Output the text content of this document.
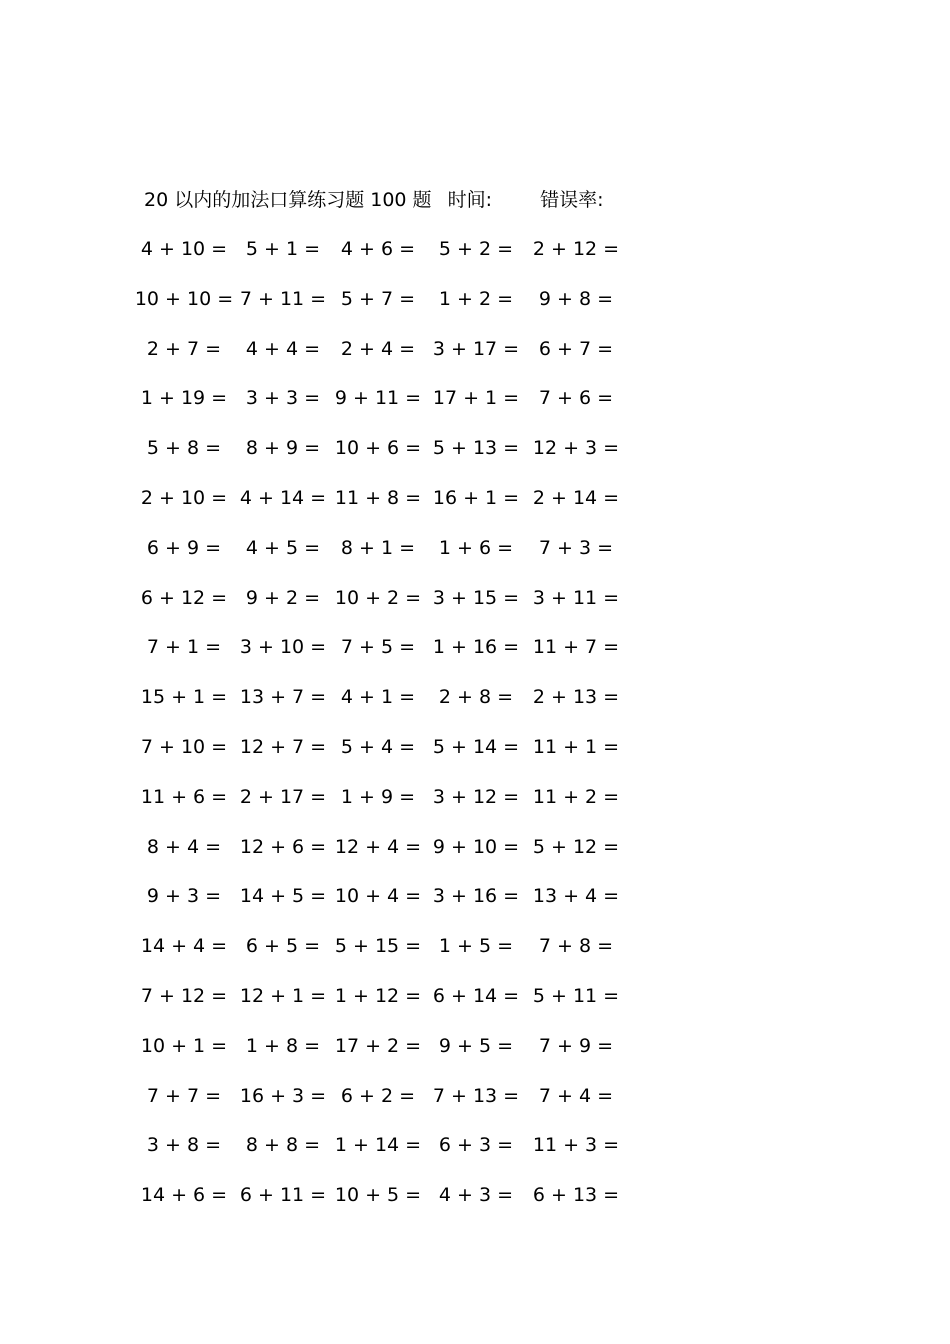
20 以内的加法口算练习题 100 题 时间:	错误率:
4 + 10 = 5 + 1 = 4 + 6 = 5 + 2 = 2 + 12 =
10 + 10 = 7 + 11 = 5 + 7 = 1 + 2 = 9 + 8 =
2 + 7 = 4 + 4 = 2 + 4 = 3 + 17 = 6 + 7 =
1 + 19 = 3 + 3 = 9 + 11 = 17 + 1 = 7 + 6 =
5 + 8 = 8 + 9 = 10 + 6 = 5 + 13 = 12 + 3 =
2 + 10 = 4 + 14 = 11 + 8 = 16 + 1 = 2 + 14 =
6 + 9 = 4 + 5 = 8 + 1 = 1 + 6 = 7 + 3 =
6 + 12 = 9 + 2 = 10 + 2 = 3 + 15 = 3 + 11 =
7 + 1 = 3 + 10 = 7 + 5 = 1 + 16 = 11 + 7 =
15 + 1 = 13 + 7 = 4 + 1 = 2 + 8 = 2 + 13 =
7 + 10 = 12 + 7 = 5 + 4 = 5 + 14 = 11 + 1 =
11 + 6 = 2 + 17 = 1 + 9 = 3 + 12 = 11 + 2 =
8 + 4 = 12 + 6 = 12 + 4 = 9 + 10 = 5 + 12 =
9 + 3 = 14 + 5 = 10 + 4 = 3 + 16 = 13 + 4 =
14 + 4 = 6 + 5 = 5 + 15 = 1 + 5 = 7 + 8 =
7 + 12 = 12 + 1 = 1 + 12 = 6 + 14 = 5 + 11 =
10 + 1 = 1 + 8 = 17 + 2 = 9 + 5 = 7 + 9 =
7 + 7 = 16 + 3 = 6 + 2 = 7 + 13 = 7 + 4 =
3 + 8 = 8 + 8 = 1 + 14 = 6 + 3 = 11 + 3 =
14 + 6 = 6 + 11 = 10 + 5 = 4 + 3 = 6 + 13 =
